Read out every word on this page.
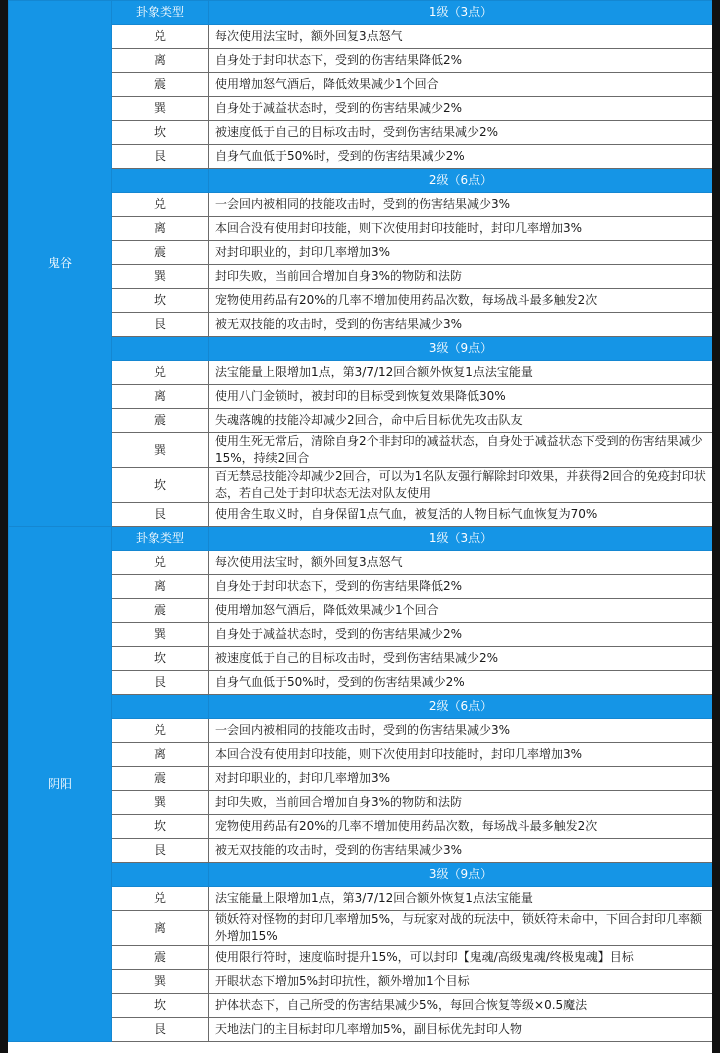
鬼谷	卦象类型	1级（3点）
	兑	每次使用法宝时，额外回复3点怒气
	离	自身处于封印状态下，受到的伤害结果降低2%
	震	使用增加怒气酒后，降低效果减少1个回合
	巽	自身处于减益状态时，受到的伤害结果减少2%
	坎	被速度低于自己的目标攻击时，受到伤害结果减少2%
	艮	自身气血低于50%时，受到的伤害结果减少2%
		2级（6点）
	兑	一会回内被相同的技能攻击时，受到的伤害结果减少3%
	离	本回合没有使用封印技能，则下次使用封印技能时，封印几率增加3%
	震	对封印职业的，封印几率增加3%
	巽	封印失败，当前回合增加自身3%的物防和法防
	坎	宠物使用药品有20%的几率不增加使用药品次数，每场战斗最多触发2次
	艮	被无双技能的攻击时，受到的伤害结果减少3%
		3级（9点）
	兑	法宝能量上限增加1点，第3/7/12回合额外恢复1点法宝能量
	离	使用八门金锁时，被封印的目标受到恢复效果降低30%
	震	失魂落魄的技能冷却减少2回合，命中后目标优先攻击队友
	巽	使用生死无常后，清除自身2个非封印的减益状态，自身处于减益状态下受到的伤害结果减少15%，持续2回合
	坎	百无禁忌技能冷却减少2回合，可以为1名队友强行解除封印效果，并获得2回合的免疫封印状态，若自己处于封印状态无法对队友使用
	艮	使用舍生取义时，自身保留1点气血，被复活的人物目标气血恢复为70%
阴阳	卦象类型	1级（3点）
	兑	每次使用法宝时，额外回复3点怒气
	离	自身处于封印状态下，受到的伤害结果降低2%
	震	使用增加怒气酒后，降低效果减少1个回合
	巽	自身处于减益状态时，受到的伤害结果减少2%
	坎	被速度低于自己的目标攻击时，受到伤害结果减少2%
	艮	自身气血低于50%时，受到的伤害结果减少2%
		2级（6点）
	兑	一会回内被相同的技能攻击时，受到的伤害结果减少3%
	离	本回合没有使用封印技能，则下次使用封印技能时，封印几率增加3%
	震	对封印职业的，封印几率增加3%
	巽	封印失败，当前回合增加自身3%的物防和法防
	坎	宠物使用药品有20%的几率不增加使用药品次数，每场战斗最多触发2次
	艮	被无双技能的攻击时，受到的伤害结果减少3%
		3级（9点）
	兑	法宝能量上限增加1点，第3/7/12回合额外恢复1点法宝能量
	离	锁妖符对怪物的封印几率增加5%，与玩家对战的玩法中，锁妖符未命中，下回合封印几率额外增加15%
	震	使用限行符时，速度临时提升15%，可以封印【鬼魂/高级鬼魂/终极鬼魂】目标
	巽	开眼状态下增加5%封印抗性，额外增加1个目标
	坎	护体状态下，自己所受的伤害结果减少5%，每回合恢复等级×0.5魔法
	艮	天地法门的主目标封印几率增加5%，副目标优先封印人物
